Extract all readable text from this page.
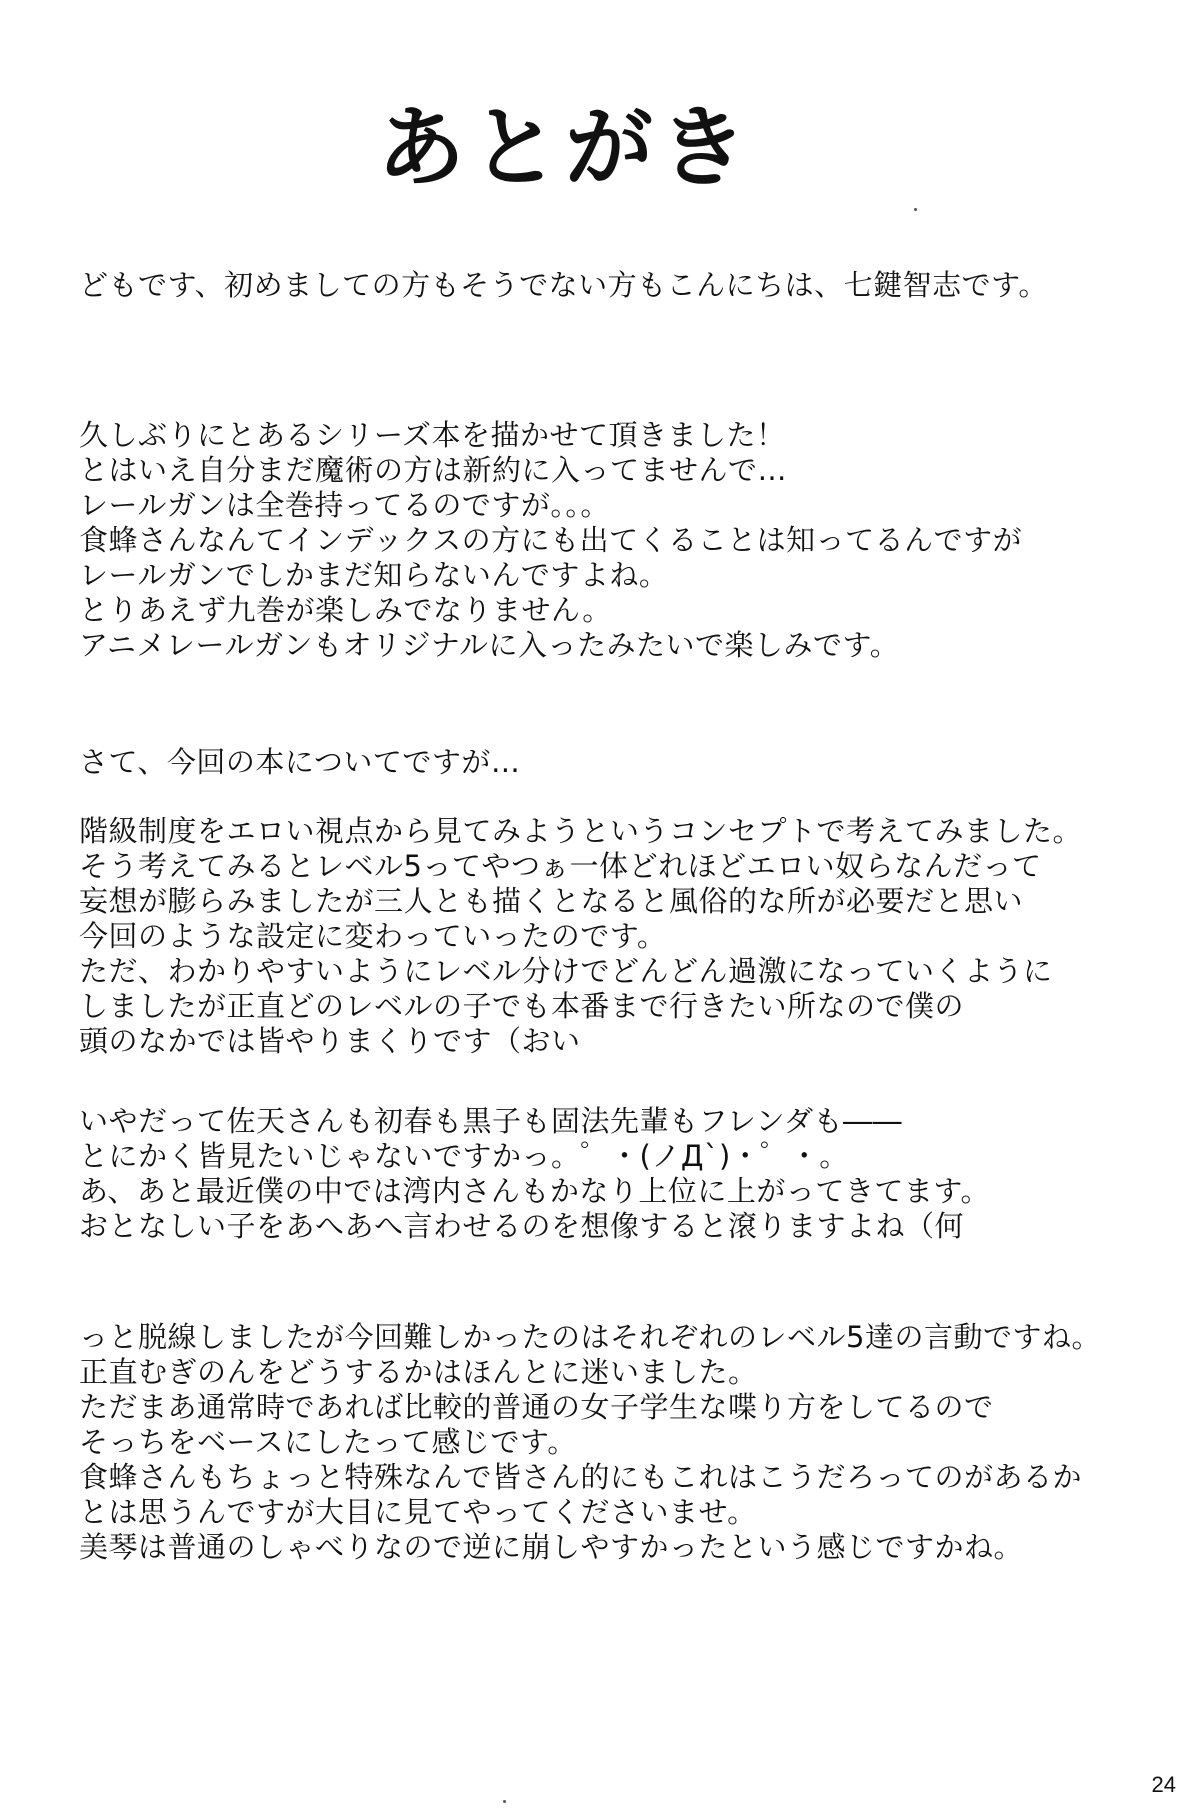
あとがき
どもです、初めましての方もそうでない方もこんにちは、七鍵智志です。
久しぶりにとあるシリーズ本を描かせて頂きました！
とはいえ自分まだ魔術の方は新約に入ってませんで…
レールガンは全巻持ってるのですが。。。
食蜂さんなんてインデックスの方にも出てくることは知ってるんですが
レールガンでしかまだ知らないんですよね。
とりあえず九巻が楽しみでなりません。
アニメレールガンもオリジナルに入ったみたいで楽しみです。
さて、今回の本についてですが…
階級制度をエロい視点から見てみようというコンセプトで考えてみました。
そう考えてみるとレベル5ってやつぁ一体どれほどエロい奴らなんだって
妄想が膨らみましたが三人とも描くとなると風俗的な所が必要だと思い
今回のような設定に変わっていったのです。
ただ、わかりやすいようにレベル分けでどんどん過激になっていくように
しましたが正直どのレベルの子でも本番まで行きたい所なので僕の
頭のなかでは皆やりまくりです（おい
いやだって佐天さんも初春も黒子も固法先輩もフレンダも――
とにかく皆見たいじゃないですかっ。゜・(ノД`)・゜・。
あ、あと最近僕の中では湾内さんもかなり上位に上がってきてます。
おとなしい子をあへあへ言わせるのを想像すると滾りますよね（何
っと脱線しましたが今回難しかったのはそれぞれのレベル5達の言動ですね。
正直むぎのんをどうするかはほんとに迷いました。
ただまあ通常時であれば比較的普通の女子学生な喋り方をしてるので
そっちをベースにしたって感じです。
食蜂さんもちょっと特殊なんで皆さん的にもこれはこうだろってのがあるか
とは思うんですが大目に見てやってくださいませ。
美琴は普通のしゃべりなので逆に崩しやすかったという感じですかね。
24
